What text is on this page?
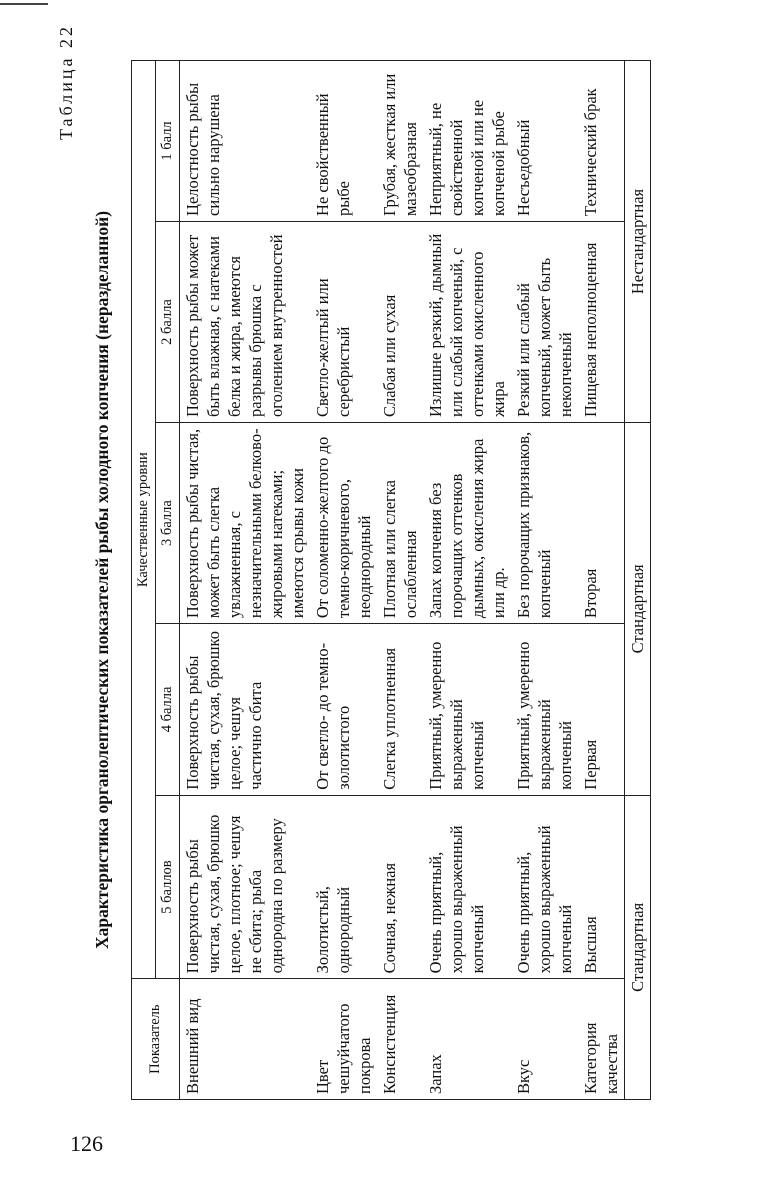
126
Таблица 22
Характеристика органолептических показателей рыбы холодного копчения (неразделанной)
Показатель	Качественные уровни				
	5 баллов	4 балла	3 балла	2 балла	1 балл
Внешний вид	Поверхность рыбы чистая, сухая, брюшко целое, плотное; чешуя не сбита; рыба однородна по размеру	Поверхность рыбы чистая, сухая, брюшко целое; чешуя частично сбита	Поверхность рыбы чистая, может быть слегка увлажненная, с незначительными белково-жировыми натеками; имеются срывы кожи	Поверхность рыбы может быть влажная, с натеками белка и жира, имеются разрывы брюшка с оголением внутренностей	Целостность рыбы сильно нарушена
Цвет чешуйчатого покрова	Золотистый, однородный	От светло- до темно-золотистого	От соломенно-желтого до темно-коричневого, неоднородный	Светло-желтый или серебристый	Не свойственный рыбе
Консистенция	Сочная, нежная	Слегка уплотненная	Плотная или слегка ослабленная	Слабая или сухая	Грубая, жесткая или мазеобразная
Запах	Очень приятный, хорошо выраженный копченый	Приятный, умеренно выраженный копченый	Запах копчения без порочащих оттенков дымных, окисления жира или др.	Излишне резкий, дымный или слабый копченый, с оттенками окисленного жира	Неприятный, не свойственной копченой или не копченой рыбе
Вкус	Очень приятный, хорошо выраженный копченый	Приятный, умеренно выраженный копченый	Без порочащих признаков, копченый	Резкий или слабый копченый, может быть некопченый	Несъедобный
Категория качества	Высшая	Первая	Вторая	Пищевая неполноценная	Технический брак
Стандартная		Стандартная		Нестандартная	
